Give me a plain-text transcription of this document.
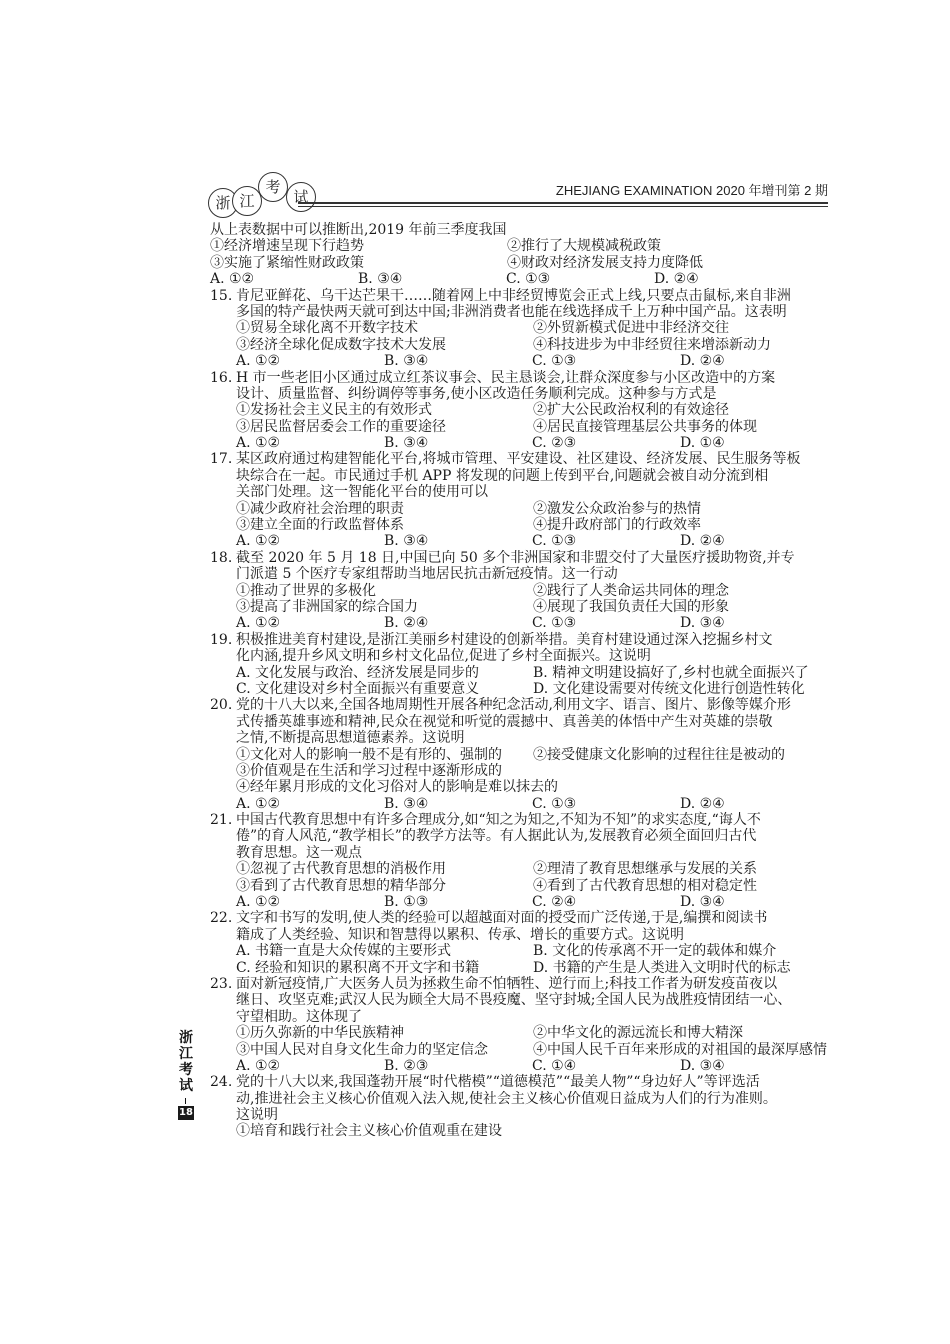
浙 江
考
试	ZHEJIANG EXAMINATION 2020 年增刊第 2 期
从上表数据中可以推断出,2019 年前三季度我国
①经济增速呈现下行趋势	②推行了大规模减税政策
③实施了紧缩性财政政策	④财政对经济发展支持力度降低
A. ①②	B. ③④	C. ①③	D. ②④
15. 肯尼亚鲜花、乌干达芒果干……随着网上中非经贸博览会正式上线,只要点击鼠标,来自非洲
多国的特产最快两天就可到达中国;非洲消费者也能在线选择成千上万种中国产品。这表明
①贸易全球化离不开数字技术	②外贸新模式促进中非经济交往
③经济全球化促成数字技术大发展	④科技进步为中非经贸往来增添新动力
A. ①②	B. ③④	C. ①③	D. ②④
16. H 市一些老旧小区通过成立红茶议事会、民主恳谈会,让群众深度参与小区改造中的方案
设计、质量监督、纠纷调停等事务,使小区改造任务顺利完成。这种参与方式是
①发扬社会主义民主的有效形式	②扩大公民政治权利的有效途径
③居民监督居委会工作的重要途径	④居民直接管理基层公共事务的体现
A. ①②	B. ③④	C. ②③	D. ①④
17. 某区政府通过构建智能化平台,将城市管理、平安建设、社区建设、经济发展、民生服务等板
块综合在一起。市民通过手机 APP 将发现的问题上传到平台,问题就会被自动分流到相
关部门处理。这一智能化平台的使用可以
①减少政府社会治理的职责	②激发公众政治参与的热情
③建立全面的行政监督体系	④提升政府部门的行政效率
A. ①②	B. ③④	C. ①③	D. ②④
18. 截至 2020 年 5 月 18 日,中国已向 50 多个非洲国家和非盟交付了大量医疗援助物资,并专
门派遣 5 个医疗专家组帮助当地居民抗击新冠疫情。这一行动
①推动了世界的多极化	②践行了人类命运共同体的理念
③提高了非洲国家的综合国力	④展现了我国负责任大国的形象
A. ①②	B. ②④	C. ①③	D. ③④
19. 积极推进美育村建设,是浙江美丽乡村建设的创新举措。美育村建设通过深入挖掘乡村文
化内涵,提升乡风文明和乡村文化品位,促进了乡村全面振兴。这说明
A. 文化发展与政治、经济发展是同步的	B. 精神文明建设搞好了,乡村也就全面振兴了
C. 文化建设对乡村全面振兴有重要意义	D. 文化建设需要对传统文化进行创造性转化
20. 党的十八大以来,全国各地周期性开展各种纪念活动,利用文字、语言、图片、影像等媒介形
式传播英雄事迹和精神,民众在视觉和听觉的震撼中、真善美的体悟中产生对英雄的崇敬
之情,不断提高思想道德素养。这说明
①文化对人的影响一般不是有形的、强制的	②接受健康文化影响的过程往往是被动的
③价值观是在生活和学习过程中逐渐形成的
④经年累月形成的文化习俗对人的影响是难以抹去的
A. ①②	B. ③④	C. ①③	D. ②④
21. 中国古代教育思想中有许多合理成分,如“知之为知之,不知为不知”的求实态度,“诲人不
倦”的育人风范,“教学相长”的教学方法等。有人据此认为,发展教育必须全面回归古代
教育思想。这一观点
①忽视了古代教育思想的消极作用	②理清了教育思想继承与发展的关系
③看到了古代教育思想的精华部分	④看到了古代教育思想的相对稳定性
A. ①②	B. ①③	C. ②④	D. ③④
22. 文字和书写的发明,使人类的经验可以超越面对面的授受而广泛传递,于是,编撰和阅读书
籍成了人类经验、知识和智慧得以累积、传承、增长的重要方式。这说明
A. 书籍一直是大众传媒的主要形式	B. 文化的传承离不开一定的载体和媒介
C. 经验和知识的累积离不开文字和书籍	D. 书籍的产生是人类进入文明时代的标志
23. 面对新冠疫情,广大医务人员为拯救生命不怕牺牲、逆行而上;科技工作者为研发疫苗夜以
继日、攻坚克难;武汉人民为顾全大局不畏疫魔、坚守封城;全国人民为战胜疫情团结一心、
守望相助。这体现了
①历久弥新的中华民族精神	②中华文化的源远流长和博大精深
③中国人民对自身文化生命力的坚定信念	④中国人民千百年来形成的对祖国的最深厚感情
A. ①②	B. ②③	C. ①④	D. ③④
24. 党的十八大以来,我国蓬勃开展“时代楷模”“道德模范”“最美人物”“身边好人”等评选活
动,推进社会主义核心价值观入法入规,使社会主义核心价值观日益成为人们的行为准则。
这说明
①培育和践行社会主义核心价值观重在建设
浙江考试
18
